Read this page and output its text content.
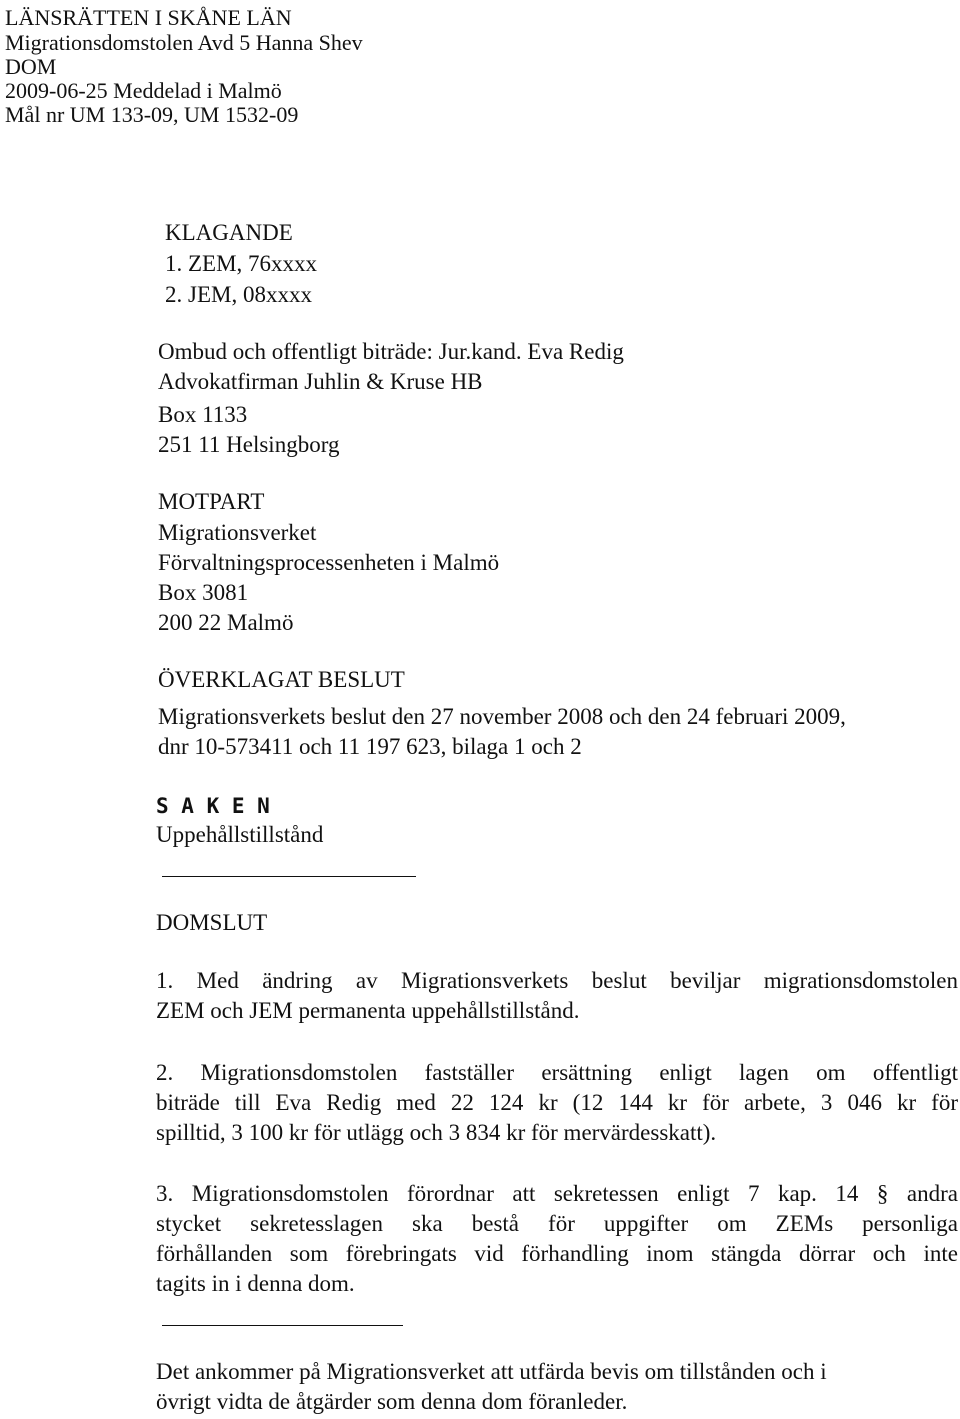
LÄNSRÄTTEN I SKÅNE LÄN
Migrationsdomstolen Avd 5 Hanna Shev
DOM
2009-06-25 Meddelad i Malmö
Mål nr UM 133-09, UM 1532-09
KLAGANDE
1. ZEM, 76xxxx
2. JEM, 08xxxx
Ombud och offentligt biträde: Jur.kand. Eva Redig
Advokatfirman Juhlin & Kruse HB
Box 1133
251 11 Helsingborg
MOTPART
Migrationsverket
Förvaltningsprocessenheten i Malmö
Box 3081
200 22 Malmö
ÖVERKLAGAT BESLUT
Migrationsverkets beslut den 27 november 2008 och den 24 februari 2009,
dnr 10-573411 och 11 197 623, bilaga 1 och 2
S A K E N
Uppehållstillstånd
DOMSLUT
1. Med ändring av Migrationsverkets beslut beviljar migrationsdomstolen
ZEM och JEM permanenta uppehållstillstånd.
2. Migrationsdomstolen fastställer ersättning enligt lagen om offentligt
biträde till Eva Redig med 22 124 kr (12 144 kr för arbete, 3 046 kr för
spilltid, 3 100 kr för utlägg och 3 834 kr för mervärdesskatt).
3. Migrationsdomstolen förordnar att sekretessen enligt 7 kap. 14 § andra
stycket sekretesslagen ska bestå för uppgifter om ZEMs personliga
förhållanden som förebringats vid förhandling inom stängda dörrar och inte
tagits in i denna dom.
Det ankommer på Migrationsverket att utfärda bevis om tillstånden och i
övrigt vidta de åtgärder som denna dom föranleder.
